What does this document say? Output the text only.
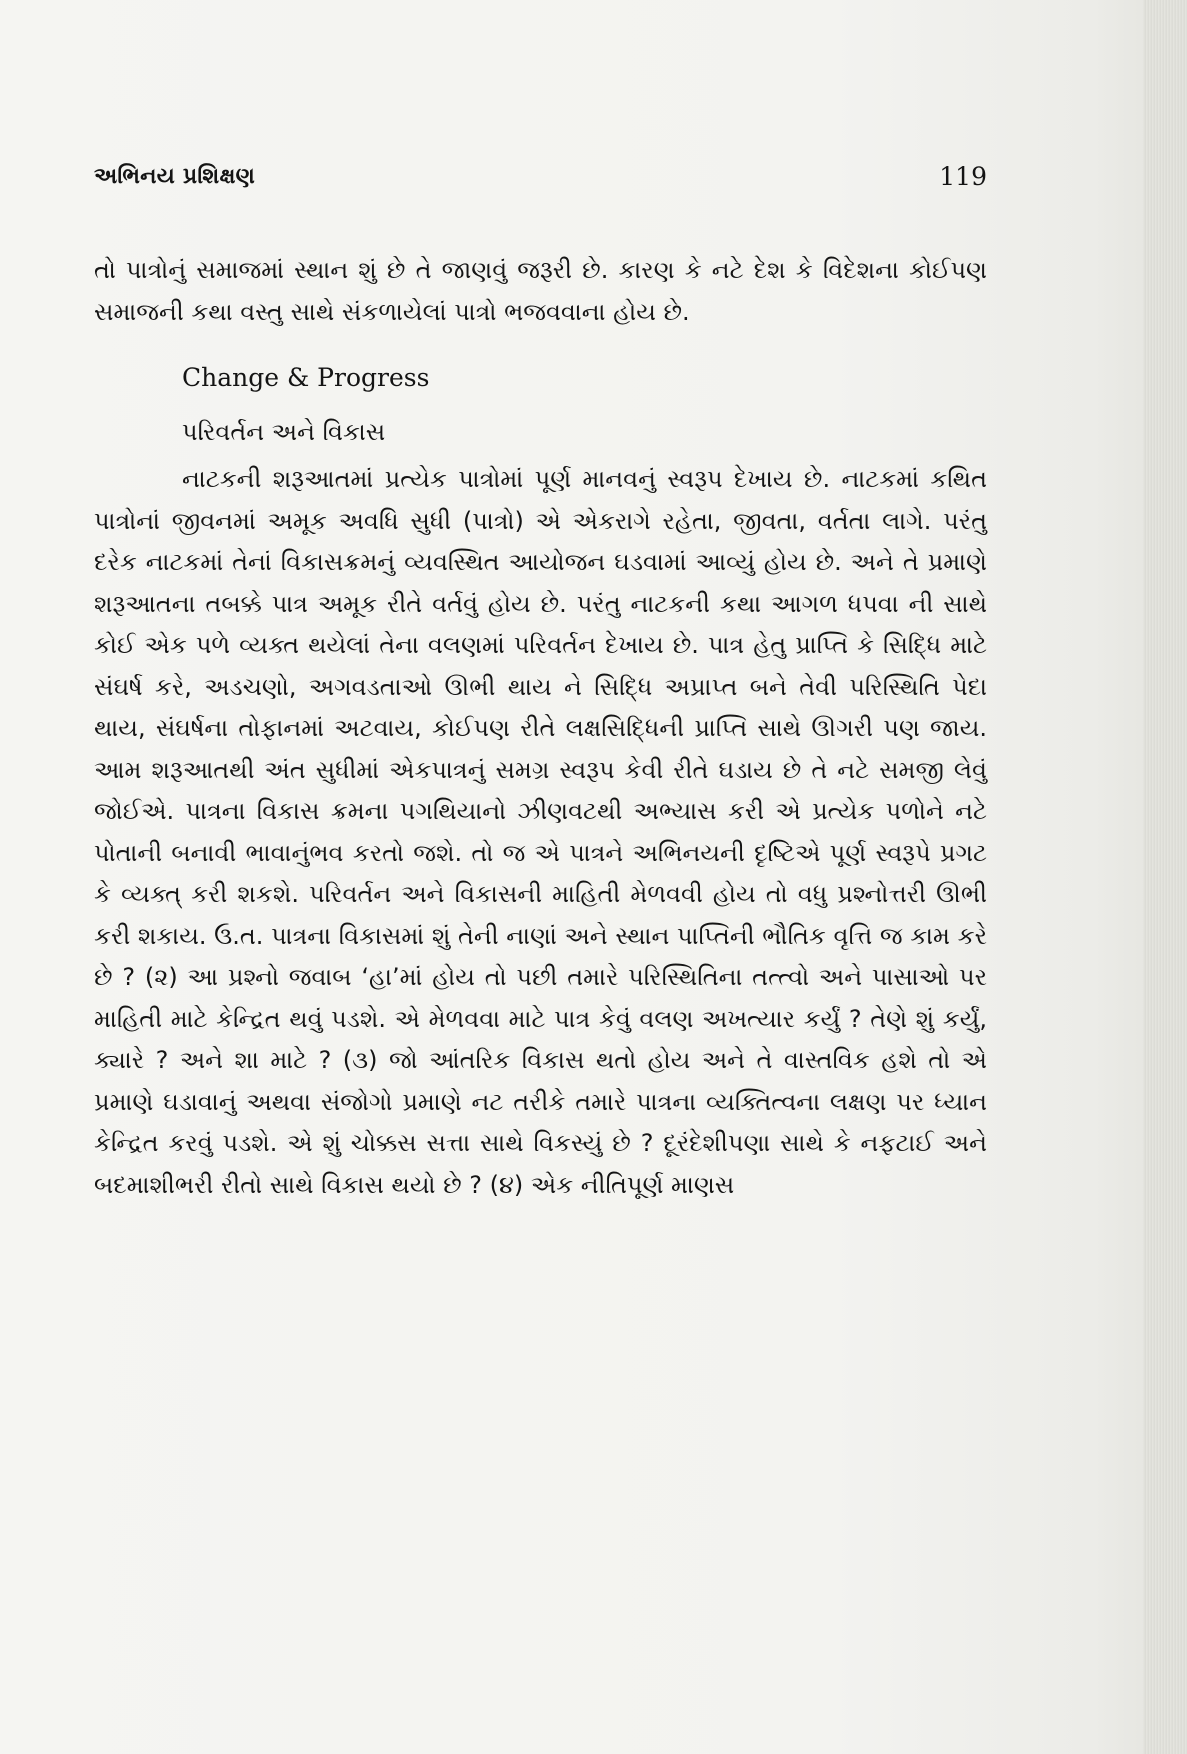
અભિનય પ્રશિક્ષણ	119

તો પાત્રોનું સમાજમાં સ્થાન શું છે તે જાણવું જરૂરી છે. કારણ કે નટે દેશ કે વિદેશના કોઈપણ સમાજની કથા વસ્તુ સાથે સંકળાયેલાં પાત્રો ભજવવાના હોય છે.

Change & Progress

પરિવર્તન અને વિકાસ

નાટકની શરૂઆતમાં પ્રત્યેક પાત્રોમાં પૂર્ણ માનવનું સ્વરૂપ દેખાય છે. નાટકમાં કથિત પાત્રોનાં જીવનમાં અમૂક અવધિ સુધી (પાત્રો) એ એકરાગે રહેતા, જીવતા, વર્તતા લાગે. પરંતુ દરેક નાટકમાં તેનાં વિકાસક્રમનું વ્યવસ્થિત આયોજન ઘડવામાં આવ્યું હોય છે. અને તે પ્રમાણે શરૂઆતના તબક્કે પાત્ર અમૂક રીતે વર્તવું હોય છે. પરંતુ નાટકની કથા આગળ ધપવા ની સાથે કોઈ એક પળે વ્યક્ત થયેલાં તેના વલણમાં પરિવર્તન દેખાય છે. પાત્ર હેતુ પ્રાપ્તિ કે સિદ્ધિ માટે સંઘર્ષ કરે, અડચણો, અગવડતાઓ ઊભી થાય ને સિદ્ધિ અપ્રાપ્ત બને તેવી પરિસ્થિતિ પેદા થાય, સંઘર્ષના તોફાનમાં અટવાય, કોઈપણ રીતે લક્ષસિદ્ધિની પ્રાપ્તિ સાથે ઊગરી પણ જાય. આમ શરૂઆતથી અંત સુધીમાં એકપાત્રનું સમગ્ર સ્વરૂપ કેવી રીતે ઘડાય છે તે નટે સમજી લેવું જોઈએ. પાત્રના વિકાસ ક્રમના પગથિયાનો ઝીણવટથી અભ્યાસ કરી એ પ્રત્યેક પળોને નટે પોતાની બનાવી ભાવાનુંભવ કરતો જશે. તો જ એ પાત્રને અભિનયની દૃષ્ટિએ પૂર્ણ સ્વરૂપે પ્રગટ કે વ્યક્ત્ કરી શકશે. પરિવર્તન અને વિકાસની માહિતી મેળવવી હોય તો વધુ પ્રશ્નોત્તરી ઊભી કરી શકાય. ઉ.ત. પાત્રના વિકાસમાં શું તેની નાણાં અને સ્થાન પાપ્તિની ભૌતિક વૃત્તિ જ કામ કરે છે ? (૨) આ પ્રશ્નો જવાબ ‘હા’માં હોય તો પછી તમારે પરિસ્થિતિના તત્ત્વો અને પાસાઓ પર માહિતી માટે કેન્દ્રિત થવું પડશે. એ મેળવવા માટે પાત્ર કેવું વલણ અખત્યાર કર્યું ? તેણે શું કર્યું, ક્યારે ? અને શા માટે ? (૩) જો આંતરિક વિકાસ થતો હોય અને તે વાસ્તવિક હશે તો એ પ્રમાણે ઘડાવાનું અથવા સંજોગો પ્રમાણે નટ તરીકે તમારે પાત્રના વ્યક્તિત્વના લક્ષણ પર ધ્યાન કેન્દ્રિત કરવું પડશે. એ શું ચોક્કસ સત્તા સાથે વિકસ્યું છે ? દૂરંદેશીપણા સાથે કે નફટાઈ અને બદમાશીભરી રીતો સાથે વિકાસ થયો છે ? (૪) એક નીતિપૂર્ણ માણસ
